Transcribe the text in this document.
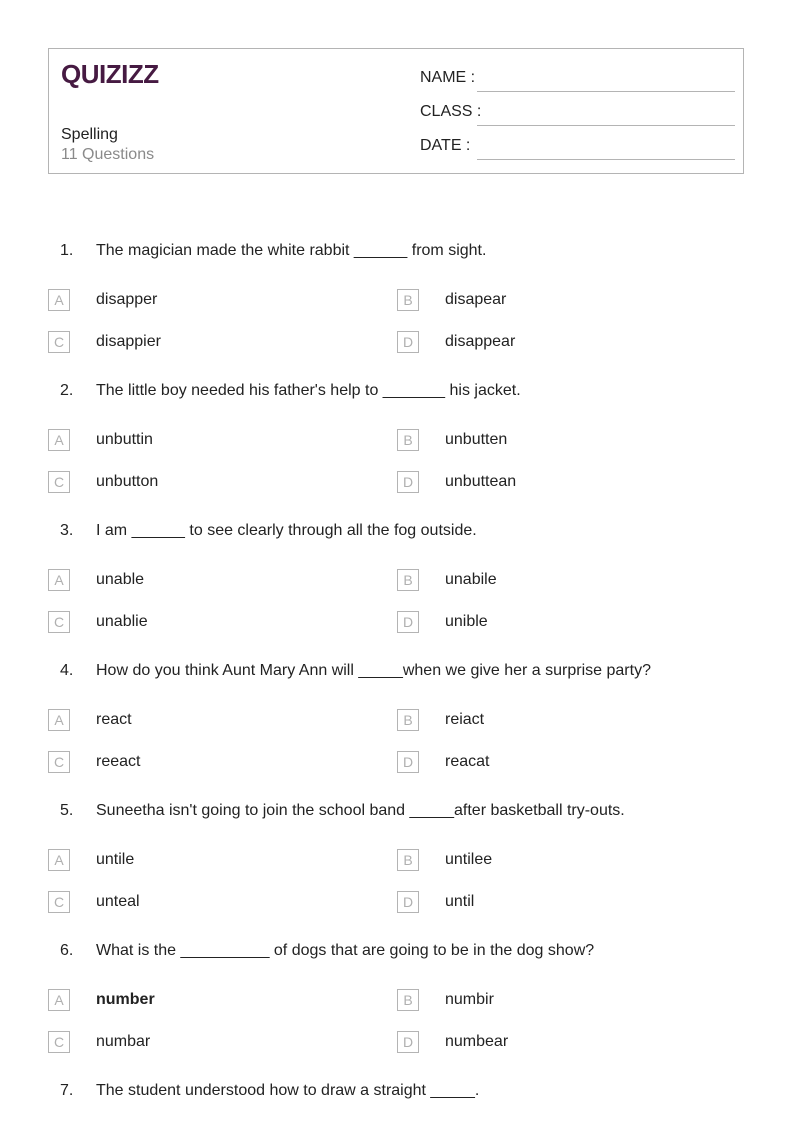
QUIZIZZ
Spelling
11 Questions
NAME :
CLASS :
DATE :
1. The magician made the white rabbit ______ from sight.
A	disapper	B	disapear
C	disappier	D	disappear
2. The little boy needed his father's help to _______ his jacket.
A	unbuttin	B	unbutten
C	unbutton	D	unbuttean
3. I am ______ to see clearly through all the fog outside.
A	unable	B	unabile
C	unablie	D	unible
4. How do you think Aunt Mary Ann will _____when we give her a surprise party?
A	react	B	reiact
C	reeact	D	reacat
5. Suneetha isn't going to join the school band _____after basketball try-outs.
A	untile	B	untilee
C	unteal	D	until
6. What is the __________ of dogs that are going to be in the dog show?
A	number	B	numbir
C	numbar	D	numbear
7. The student understood how to draw a straight _____.
